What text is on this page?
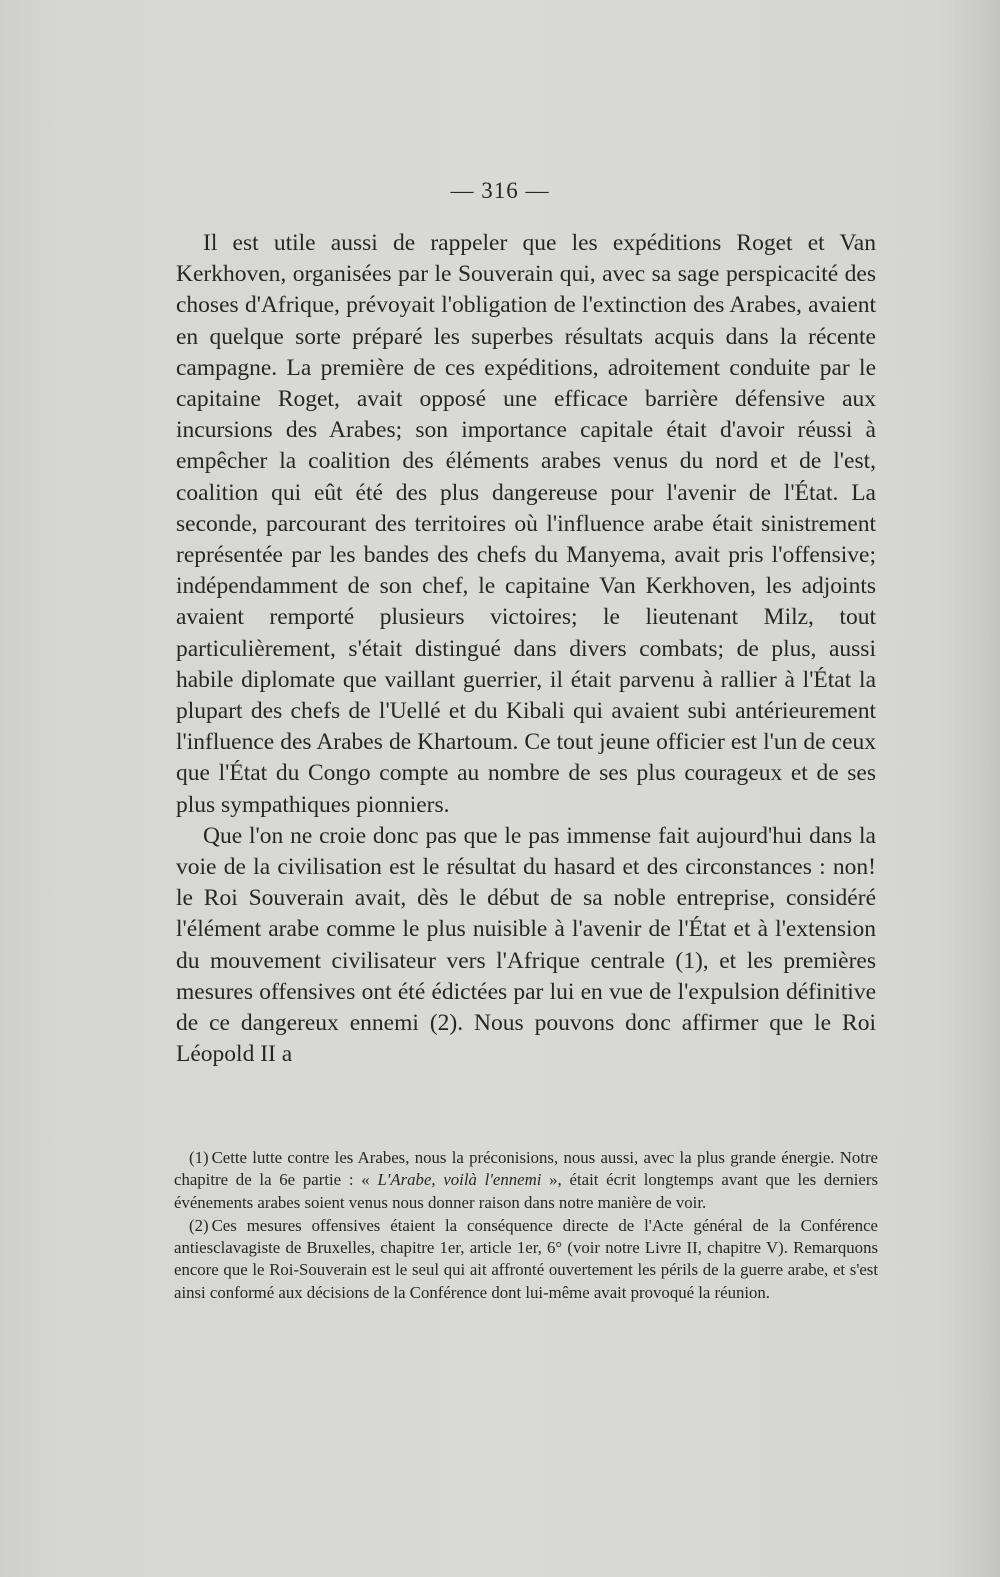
— 316 —

Il est utile aussi de rappeler que les expéditions Roget et Van Kerkhoven, organisées par le Souverain qui, avec sa sage perspicacité des choses d'Afrique, prévoyait l'obligation de l'extinction des Arabes, avaient en quelque sorte préparé les superbes résultats acquis dans la récente campagne. La première de ces expéditions, adroitement conduite par le capitaine Roget, avait opposé une efficace barrière défensive aux incursions des Arabes; son importance capitale était d'avoir réussi à empêcher la coalition des éléments arabes venus du nord et de l'est, coalition qui eût été des plus dangereuse pour l'avenir de l'État. La seconde, parcourant des territoires où l'influence arabe était sinistrement représentée par les bandes des chefs du Manyema, avait pris l'offensive; indépendamment de son chef, le capitaine Van Kerkhoven, les adjoints avaient remporté plusieurs victoires; le lieutenant Milz, tout particulièrement, s'était distingué dans divers combats; de plus, aussi habile diplomate que vaillant guerrier, il était parvenu à rallier à l'État la plupart des chefs de l'Uellé et du Kibali qui avaient subi antérieurement l'influence des Arabes de Khartoum. Ce tout jeune officier est l'un de ceux que l'État du Congo compte au nombre de ses plus courageux et de ses plus sympathiques pionniers.

Que l'on ne croie donc pas que le pas immense fait aujourd'hui dans la voie de la civilisation est le résultat du hasard et des circonstances : non! le Roi Souverain avait, dès le début de sa noble entreprise, considéré l'élément arabe comme le plus nuisible à l'avenir de l'État et à l'extension du mouvement civilisateur vers l'Afrique centrale (1), et les premières mesures offensives ont été édictées par lui en vue de l'expulsion définitive de ce dangereux ennemi (2). Nous pouvons donc affirmer que le Roi Léopold II a

(1) Cette lutte contre les Arabes, nous la préconisions, nous aussi, avec la plus grande énergie. Notre chapitre de la 6e partie : « L'Arabe, voilà l'ennemi », était écrit longtemps avant que les derniers événements arabes soient venus nous donner raison dans notre manière de voir.

(2) Ces mesures offensives étaient la conséquence directe de l'Acte général de la Conférence antiesclavagiste de Bruxelles, chapitre 1er, article 1er, 6° (voir notre Livre II, chapitre V). Remarquons encore que le Roi-Souverain est le seul qui ait affronté ouvertement les périls de la guerre arabe, et s'est ainsi conformé aux décisions de la Conférence dont lui-même avait provoqué la réunion.
